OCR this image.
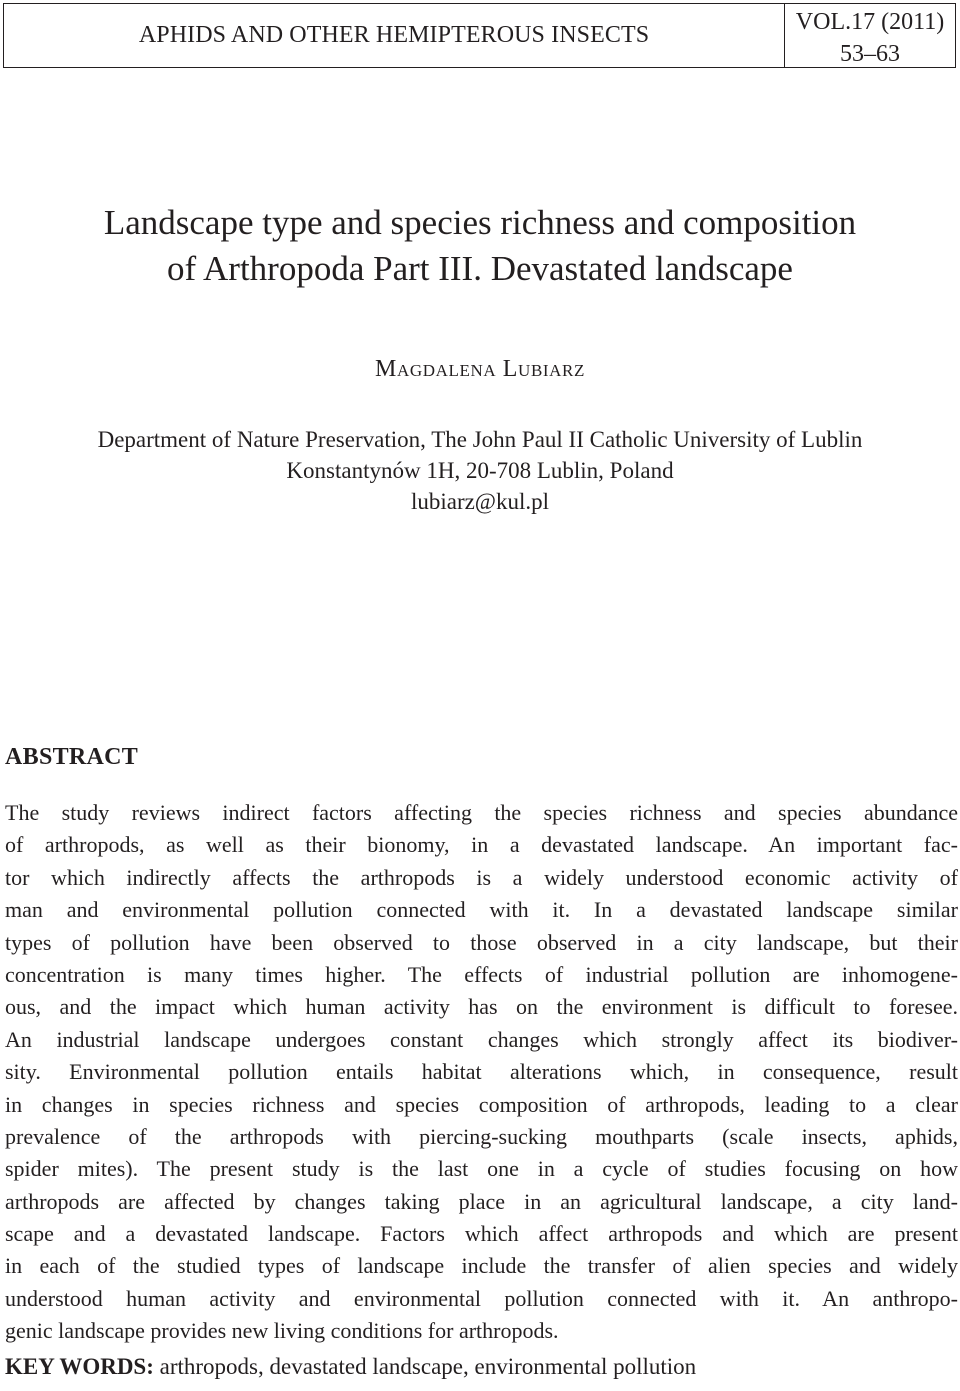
APHIDS AND OTHER HEMIPTEROUS INSECTS	VOL.17 (2011)
53–63
Landscape type and species richness and composition
of Arthropoda Part III. Devastated landscape
Magdalena Lubiarz
Department of Nature Preservation, The John Paul II Catholic University of Lublin
Konstantynów 1H, 20-708 Lublin, Poland
lubiarz@kul.pl
ABSTRACT
The study reviews indirect factors affecting the species richness and species abundance
of arthropods, as well as their bionomy, in a devastated landscape. An important fac-
tor which indirectly affects the arthropods is a widely understood economic activity of
man and environmental pollution connected with it. In a devastated landscape similar
types of pollution have been observed to those observed in a city landscape, but their
concentration is many times higher. The effects of industrial pollution are inhomogene-
ous, and the impact which human activity has on the environment is difficult to foresee.
An industrial landscape undergoes constant changes which strongly affect its biodiver-
sity. Environmental pollution entails habitat alterations which, in consequence, result
in changes in species richness and species composition of arthropods, leading to a clear
prevalence of the arthropods with piercing-sucking mouthparts (scale insects, aphids,
spider mites). The present study is the last one in a cycle of studies focusing on how
arthropods are affected by changes taking place in an agricultural landscape, a city land-
scape and a devastated landscape. Factors which affect arthropods and which are present
in each of the studied types of landscape include the transfer of alien species and widely
understood human activity and environmental pollution connected with it. An anthropo-
genic landscape provides new living conditions for arthropods.
KEY WORDS: arthropods, devastated landscape, environmental pollution
